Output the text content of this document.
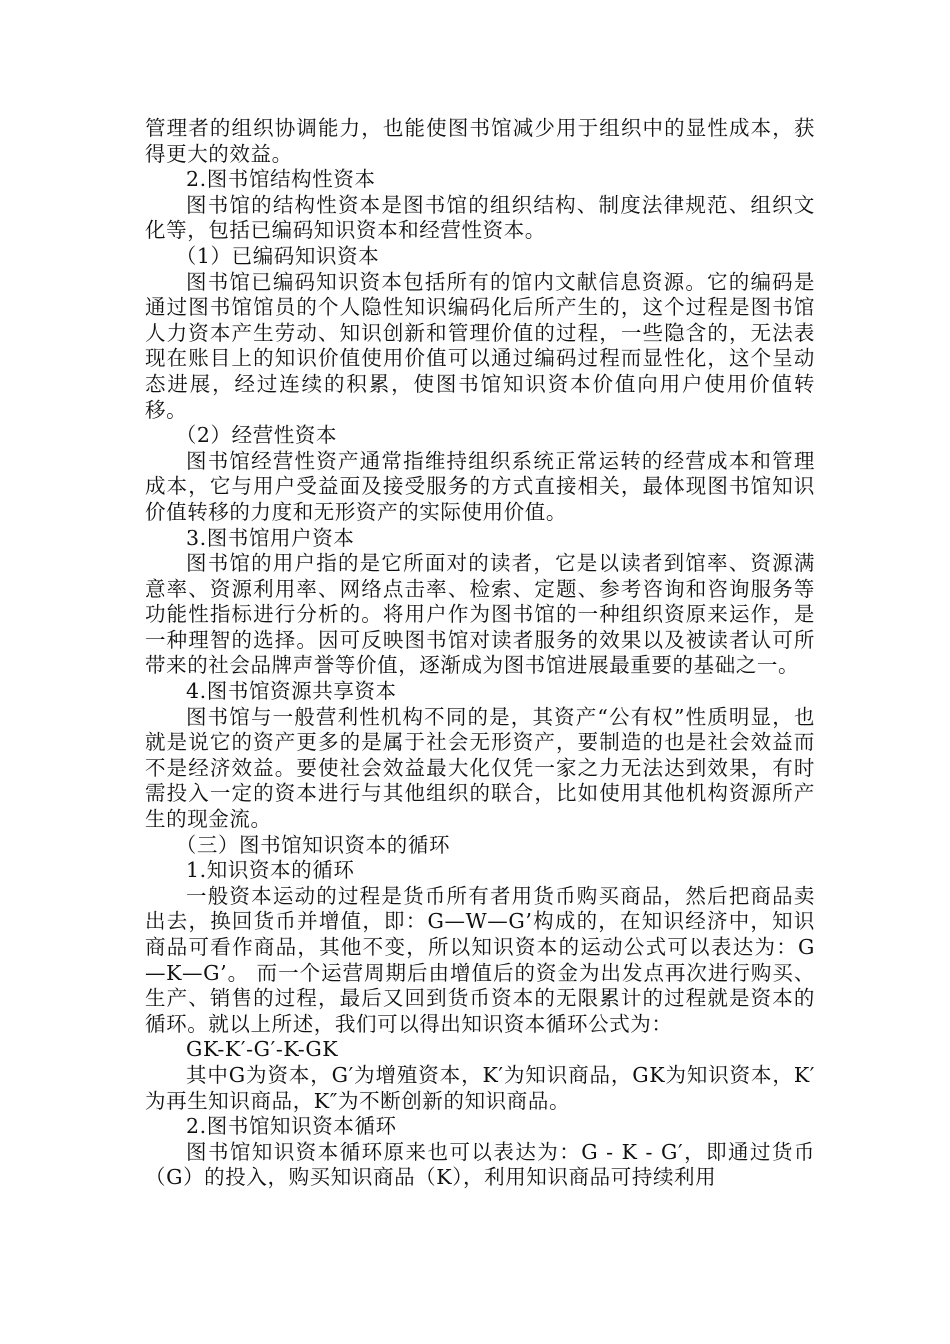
管理者的组织协调能力，也能使图书馆减少用于组织中的显性成本，获得更大的效益。

2.图书馆结构性资本

图书馆的结构性资本是图书馆的组织结构、制度法律规范、组织文化等，包括已编码知识资本和经营性资本。

（1）已编码知识资本

图书馆已编码知识资本包括所有的馆内文献信息资源。它的编码是通过图书馆馆员的个人隐性知识编码化后所产生的，这个过程是图书馆人力资本产生劳动、知识创新和管理价值的过程，一些隐含的，无法表现在账目上的知识价值使用价值可以通过编码过程而显性化，这个呈动态进展，经过连续的积累，使图书馆知识资本价值向用户使用价值转移。

（2）经营性资本

图书馆经营性资产通常指维持组织系统正常运转的经营成本和管理成本，它与用户受益面及接受服务的方式直接相关，最体现图书馆知识价值转移的力度和无形资产的实际使用价值。

3.图书馆用户资本

图书馆的用户指的是它所面对的读者，它是以读者到馆率、资源满意率、资源利用率、网络点击率、检索、定题、参考咨询和咨询服务等功能性指标进行分析的。将用户作为图书馆的一种组织资原来运作，是一种理智的选择。因可反映图书馆对读者服务的效果以及被读者认可所带来的社会品牌声誉等价值，逐渐成为图书馆进展最重要的基础之一。

4.图书馆资源共享资本

图书馆与一般营利性机构不同的是，其资产“公有权”性质明显，也就是说它的资产更多的是属于社会无形资产，要制造的也是社会效益而不是经济效益。要使社会效益最大化仅凭一家之力无法达到效果，有时需投入一定的资本进行与其他组织的联合，比如使用其他机构资源所产生的现金流。

（三）图书馆知识资本的循环

1.知识资本的循环

一般资本运动的过程是货币所有者用货币购买商品，然后把商品卖出去，换回货币并增值，即：G—W—G’构成的，在知识经济中，知识商品可看作商品，其他不变，所以知识资本的运动公式可以表达为：G—K—G’。 而一个运营周期后由增值后的资金为出发点再次进行购买、生产、销售的过程，最后又回到货币资本的无限累计的过程就是资本的循环。就以上所述，我们可以得出知识资本循环公式为：

GK-K′-G′-K-GK

其中G为资本，G′为增殖资本，K′为知识商品，GK为知识资本，K′为再生知识商品，K″为不断创新的知识商品。

2.图书馆知识资本循环

图书馆知识资本循环原来也可以表达为：G - K - G′，即通过货币（G）的投入，购买知识商品（K），利用知识商品可持续利用
